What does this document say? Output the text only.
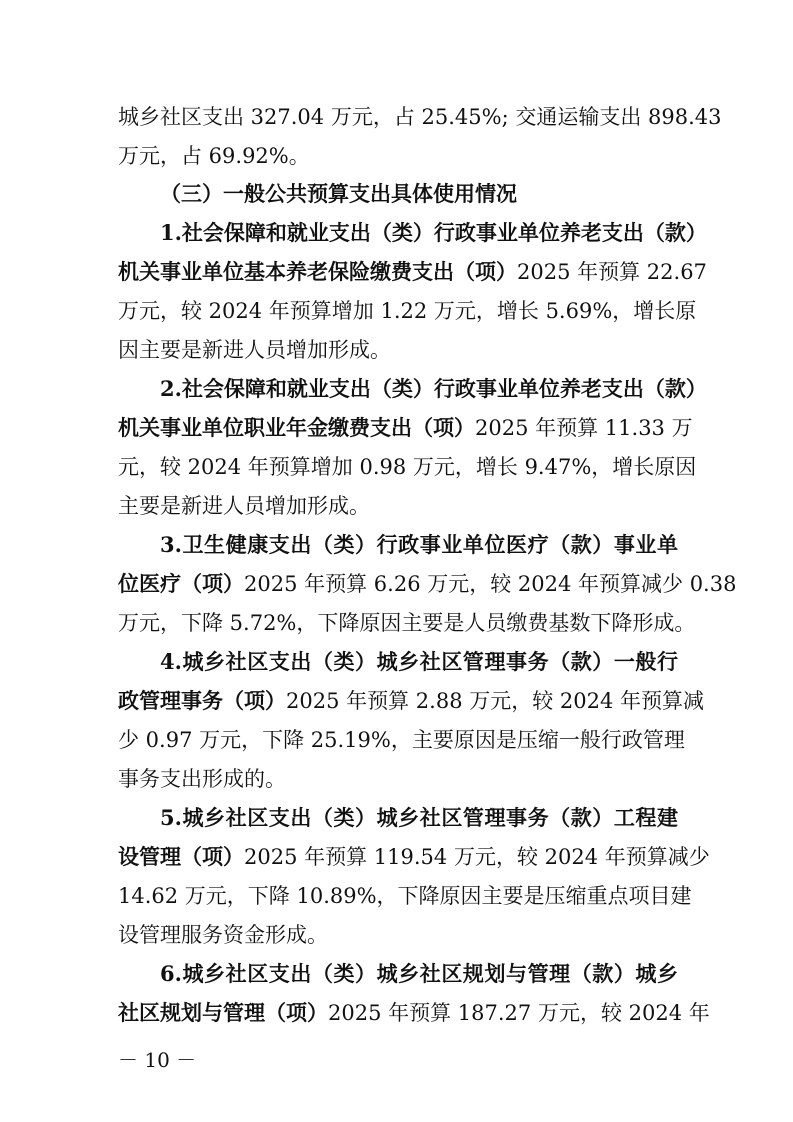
城乡社区支出 327.04 万元，占 25.45%; 交通运输支出 898.43
万元，占 69.92%。
（三）一般公共预算支出具体使用情况
1.社会保障和就业支出（类）行政事业单位养老支出（款）
机关事业单位基本养老保险缴费支出（项）2025 年预算 22.67
万元，较 2024 年预算增加 1.22 万元，增长 5.69%，增长原
因主要是新进人员增加形成。
2.社会保障和就业支出（类）行政事业单位养老支出（款）
机关事业单位职业年金缴费支出（项）2025 年预算 11.33 万
元，较 2024 年预算增加 0.98 万元，增长 9.47%，增长原因
主要是新进人员增加形成。
3.卫生健康支出（类）行政事业单位医疗（款）事业单
位医疗（项）2025 年预算 6.26 万元，较 2024 年预算减少 0.38
万元，下降 5.72%，下降原因主要是人员缴费基数下降形成。
4.城乡社区支出（类）城乡社区管理事务（款）一般行
政管理事务（项）2025 年预算 2.88 万元，较 2024 年预算减
少 0.97 万元，下降 25.19%，主要原因是压缩一般行政管理
事务支出形成的。
5.城乡社区支出（类）城乡社区管理事务（款）工程建
设管理（项）2025 年预算 119.54 万元，较 2024 年预算减少
14.62 万元，下降 10.89%，下降原因主要是压缩重点项目建
设管理服务资金形成。
6.城乡社区支出（类）城乡社区规划与管理（款）城乡
社区规划与管理（项）2025 年预算 187.27 万元，较 2024 年
－ 10 －
